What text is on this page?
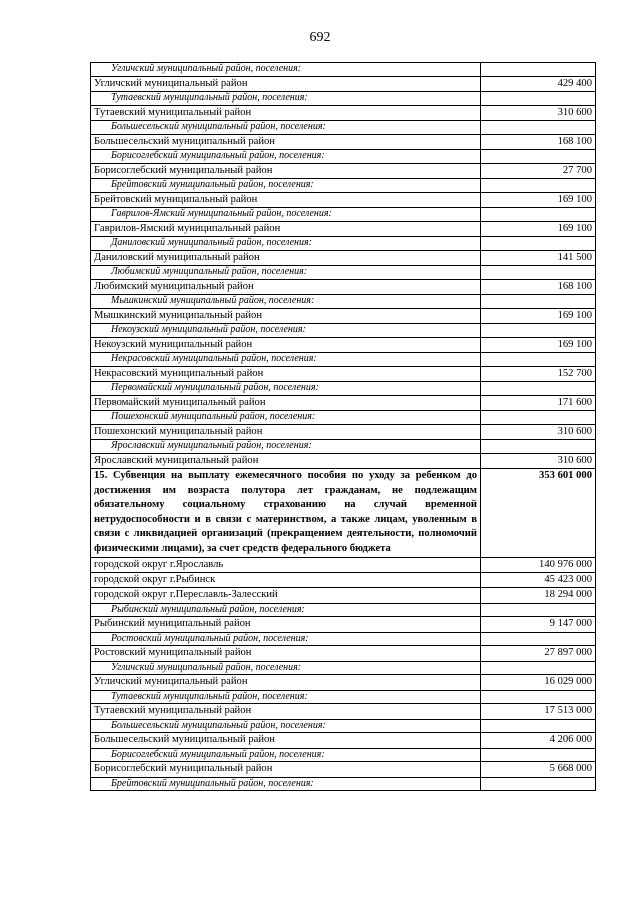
692
Угличский муниципальный район, поселения:	
Угличский муниципальный район	429 400
Тутаевский муниципальный район, поселения:	
Тутаевский муниципальный район	310 600
Большесельский муниципальный район, поселения:	
Большесельский муниципальный район	168 100
Борисоглебский муниципальный район, поселения:	
Борисоглебский муниципальный район	27 700
Брейтовский муниципальный район, поселения:	
Брейтовский муниципальный район	169 100
Гаврилов-Ямский муниципальный район, поселения:	
Гаврилов-Ямский муниципальный район	169 100
Даниловский муниципальный район, поселения:	
Даниловский муниципальный район	141 500
Любимский муниципальный район, поселения:	
Любимский муниципальный район	168 100
Мышкинский муниципальный район, поселения:	
Мышкинский муниципальный район	169 100
Некоузский муниципальный район, поселения:	
Некоузский муниципальный район	169 100
Некрасовский муниципальный район, поселения:	
Некрасовский муниципальный район	152 700
Первомайский муниципальный район, поселения:	
Первомайский муниципальный район	171 600
Пошехонский муниципальный район, поселения:	
Пошехонский муниципальный район	310 600
Ярославский муниципальный район, поселения:	
Ярославский муниципальный район	310 600
15. Субвенция на выплату ежемесячного пособия по уходу за ребенком до достижения им возраста полутора лет гражданам, не подлежащим обязательному социальному страхованию на случай временной нетрудоспособности и в связи с материнством, а также лицам, уволенным в связи с ликвидацией организаций (прекращением деятельности, полномочий физическими лицами), за счет средств федерального бюджета	353 601 000
городской округ г.Ярославль	140 976 000
городской округ г.Рыбинск	45 423 000
городской округ г.Переславль-Залесский	18 294 000
Рыбинский муниципальный район, поселения:	
Рыбинский муниципальный район	9 147 000
Ростовский муниципальный район, поселения:	
Ростовский муниципальный район	27 897 000
Угличский муниципальный район, поселения:	
Угличский муниципальный район	16 029 000
Тутаевский муниципальный район, поселения:	
Тутаевский муниципальный район	17 513 000
Большесельский муниципальный район, поселения:	
Большесельский муниципальный район	4 206 000
Борисоглебский муниципальный район, поселения:	
Борисоглебский муниципальный район	5 668 000
Брейтовский муниципальный район, поселения:	
